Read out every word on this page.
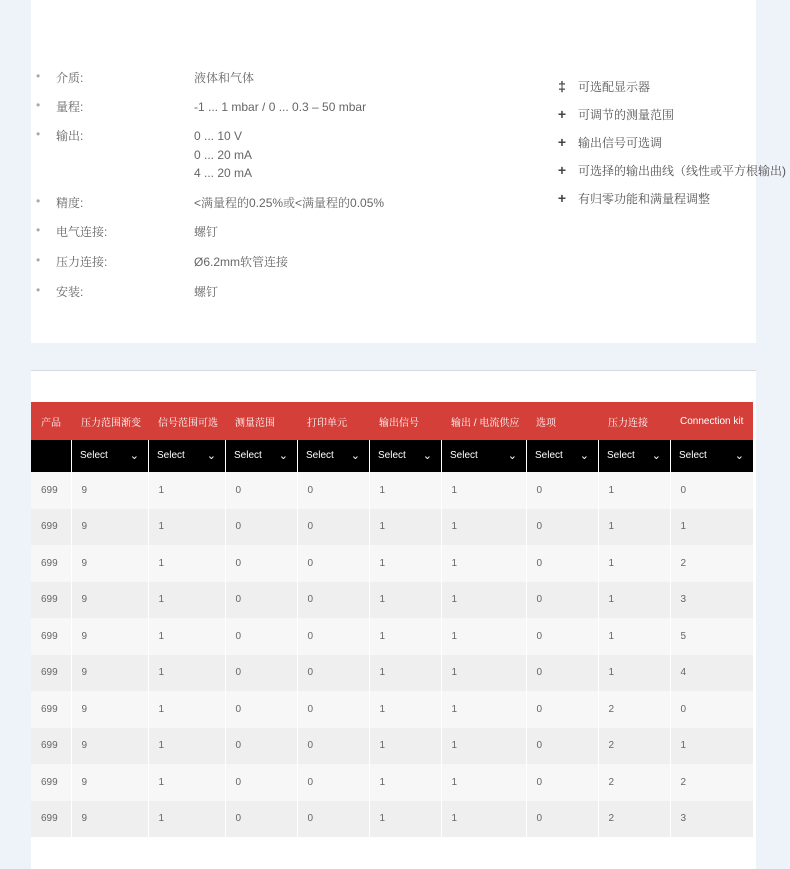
• 介质:	液体和气体
• 量程:	-1 ... 1 mbar / 0 ... 0.3 – 50 mbar
• 输出:	0 ... 10 V
0 ... 20 mA
4 ... 20 mA
• 精度:	<满量程的0.25%或<满量程的0.05%
• 电气连接:	螺钉
• 压力连接:	Ø6.2mm软管连接
• 安装:	螺钉
‡ 可选配显示器
+ 可调节的测量范围
+ 输出信号可选调
+ 可选择的输出曲线（线性或平方根输出)
+ 有归零功能和满量程调整
产品	压力范围渐变	信号范围可选	测量范围	打印单元	输出信号	输出 / 电流供应	选项	压力连接	Connection kit

	Select ⌄	Select ⌄	Select ⌄	Select ⌄	Select ⌄	Select ⌄	Select ⌄	Select ⌄	Select ⌄

699	9	1	0	0	1	1	0	1	0
699	9	1	0	0	1	1	0	1	1
699	9	1	0	0	1	1	0	1	2
699	9	1	0	0	1	1	0	1	3
699	9	1	0	0	1	1	0	1	5
699	9	1	0	0	1	1	0	1	4
699	9	1	0	0	1	1	0	2	0
699	9	1	0	0	1	1	0	2	1
699	9	1	0	0	1	1	0	2	2
699	9	1	0	0	1	1	0	2	3
